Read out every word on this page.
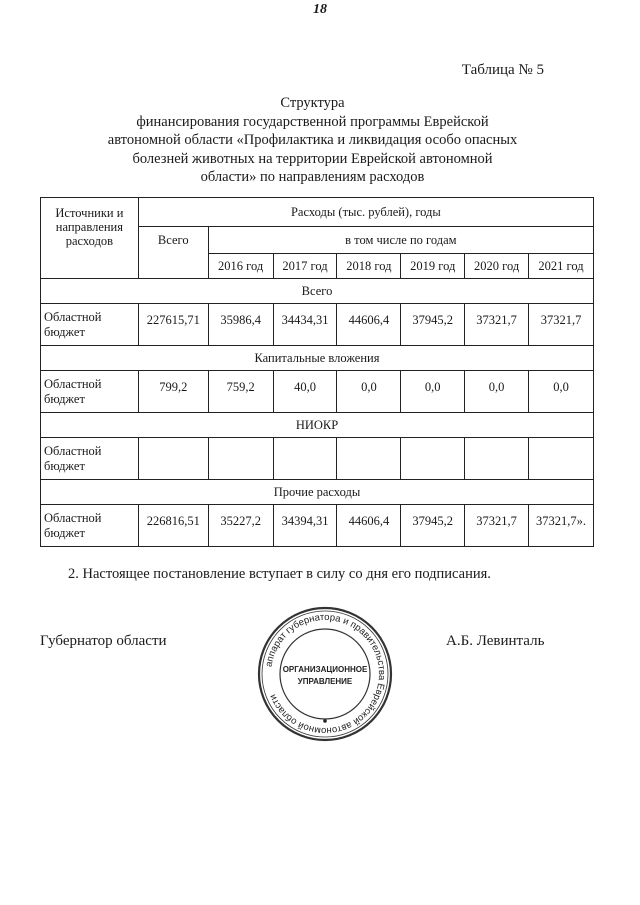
18
Таблица № 5
Структура
финансирования государственной программы Еврейской
автономной области «Профилактика и ликвидация особо опасных
болезней животных на территории Еврейской автономной
области» по направлениям расходов
Источники и направления расходов	Расходы (тыс. рублей), годы						
	Всего	в том числе по годам					
		2016 год	2017 год	2018 год	2019 год	2020 год	2021 год
Всего							
Областной бюджет	227615,71	35986,4	34434,31	44606,4	37945,2	37321,7	37321,7
Капитальные вложения							
Областной бюджет	799,2	759,2	40,0	0,0	0,0	0,0	0,0
НИОКР							
Областной бюджет							
Прочие расходы							
Областной бюджет	226816,51	35227,2	34394,31	44606,4	37945,2	37321,7	37321,7».
2. Настоящее постановление вступает в силу со дня его подписания.
Губернатор области	А.Б. Левинталь
аппарат губернатора и правительства Еврейской автономной области
ОРГАНИЗАЦИОННОЕ
УПРАВЛЕНИЕ
